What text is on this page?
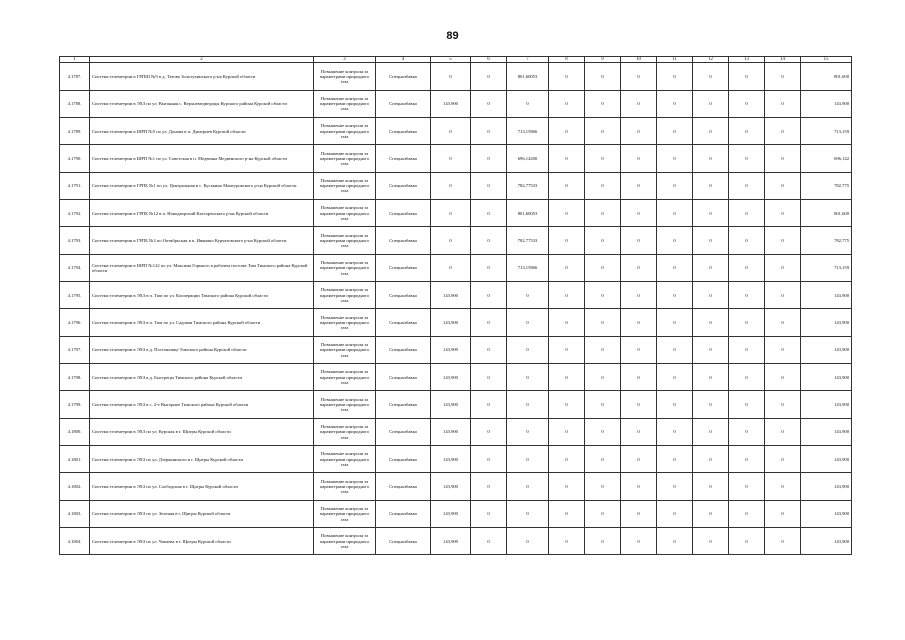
89
1	2	3	4	5	6	7	8	9	10	11	12	13	14	15
4.1787.	Система телеметрии в ГРПШ №9 в д. Тазово Золотухинского р-на Курской области	Повышение контроля за параметрами природного газа	Спецналбавка	0	0	801,60053	0	0	0	0	0	0	0	801,600
4.1788.	Система телеметрии в ЭХЗ по ул. Выгонная с. Верхнемедведицы Курского района Курской области	Повышение контроля за параметрами природного газа	Спецналбавка	143,900	0	0	0	0	0	0	0	0	0	143,900
4.1789.	Система телеметрии в ШРП №5 по ул. Донова в п. Дмитриев Курской области	Повышение контроля за параметрами природного газа	Спецналбавка	0	0	713,15866	0	0	0	0	0	0	0	713,159
4.1790.	Система телеметрии в ШРП №1 по ул. Советская в п. Медвенка Медвенского р-на Курской области	Повышение контроля за параметрами природного газа	Спецналбавка	0	0	696,14200	0	0	0	0	0	0	0	696,142
4.1791.	Система телеметрии в ГРПБ №1 по ул. Центральная в с. Куськино Мантуровского р-на Курской области	Повышение контроля за параметрами природного газа	Спецналбавка	0	0	782,77533	0	0	0	0	0	0	0	782,775
4.1792.	Система телеметрии в ГРПБ №12 в п. Новодворский Касторенского р-на Курской области	Повышение контроля за параметрами природного газа	Спецналбавка	0	0	801,60053	0	0	0	0	0	0	0	801,600
4.1793.	Система телеметрии в ГРПБ №3 по Октябрьская в п. Иванино Курчатовского р-на Курской области	Повышение контроля за параметрами природного газа	Спецналбавка	0	0	782,77533	0	0	0	0	0	0	0	782,775
4.1794.	Система телеметрии в ШРП №122 по ул. Максима Горького в рабочем поселке Тим Тимского района Курской области	Повышение контроля за параметрами природного газа	Спецналбавка	0	0	713,15866	0	0	0	0	0	0	0	713,159
4.1795.	Система телеметрии в ЭХЗ в п. Тим по ул. Кооперации Тимского района Курской области	Повышение контроля за параметрами природного газа	Спецналбавка	143,900	0	0	0	0	0	0	0	0	0	143,900
4.1796.	Система телеметрии в ЭХЗ в п. Тим по ул. Садовая Тимского района Курской области	Повышение контроля за параметрами природного газа	Спецналбавка	143,900	0	0	0	0	0	0	0	0	0	143,900
4.1797.	Система телеметрии в ЭХЗ в д. Постоялище Тимского района Курской области	Повышение контроля за параметрами природного газа	Спецналбавка	143,900	0	0	0	0	0	0	0	0	0	143,900
4.1798.	Система телеметрии в ЭХЗ в д. Быстрецы Тимского района Курской области	Повышение контроля за параметрами природного газа	Спецналбавка	143,900	0	0	0	0	0	0	0	0	0	143,900
4.1799.	Система телеметрии в ЭХЗ в с. 2-е Выгорное Тимского района Курской области	Повышение контроля за параметрами природного газа	Спецналбавка	143,900	0	0	0	0	0	0	0	0	0	143,900
4.1800.	Система телеметрии в ЭХЗ по ул. Курская в г. Щигры Курской области	Повышение контроля за параметрами природного газа	Спецналбавка	143,900	0	0	0	0	0	0	0	0	0	143,900
4.1801.	Система телеметрии в ЭХЗ по ул. Дзержинского в г. Щигры Курской области	Повышение контроля за параметрами природного газа	Спецналбавка	143,900	0	0	0	0	0	0	0	0	0	143,900
4.1802.	Система телеметрии в ЭХЗ по ул. Слободская в г. Щигры Курской области	Повышение контроля за параметрами природного газа	Спецналбавка	143,900	0	0	0	0	0	0	0	0	0	143,900
4.1803.	Система телеметрии в ЭХЗ по ул. Зеленая в г. Щигры Курской области	Повышение контроля за параметрами природного газа	Спецналбавка	143,900	0	0	0	0	0	0	0	0	0	143,900
4.1804.	Система телеметрии в ЭХЗ по ул. Чапаева в г. Щигры Курской области	Повышение контроля за параметрами природного газа	Спецналбавка	143,900	0	0	0	0	0	0	0	0	0	143,900
